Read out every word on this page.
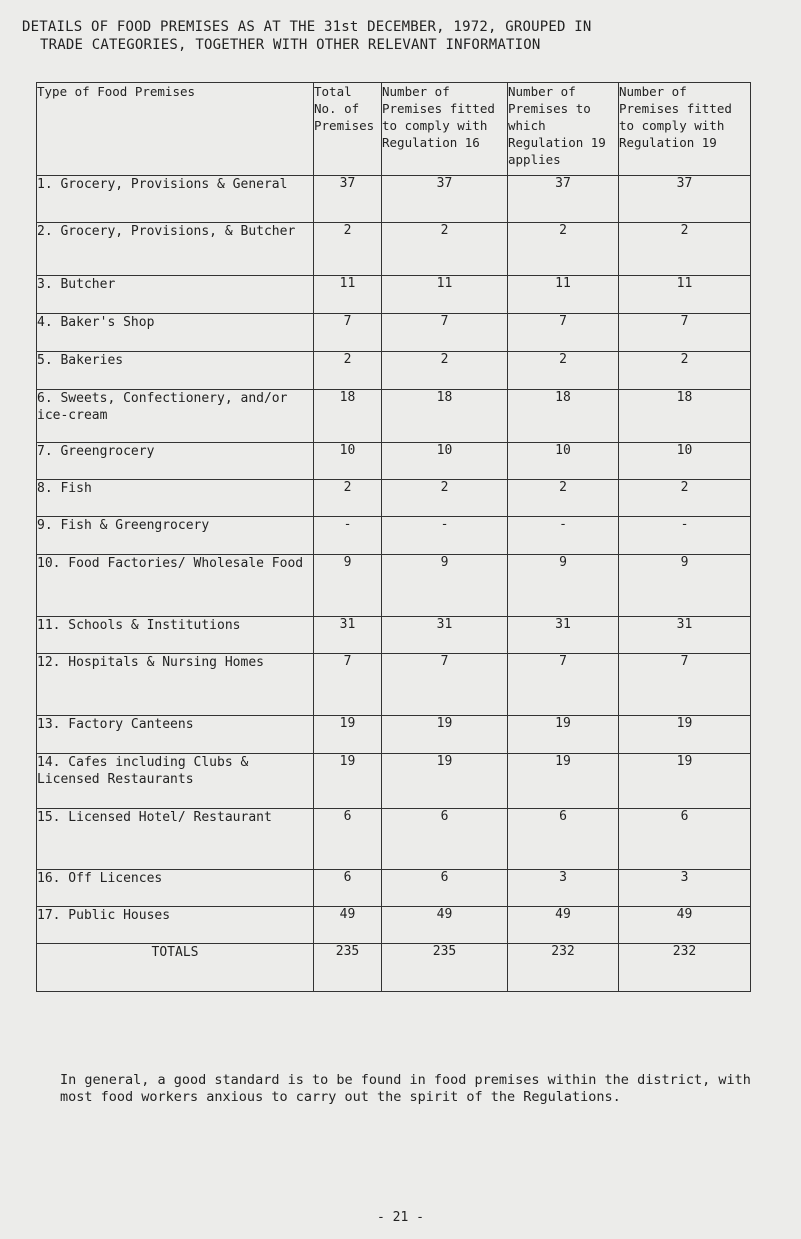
DETAILS OF FOOD PREMISES AS AT THE 31st DECEMBER, 1972, GROUPED IN
TRADE CATEGORIES, TOGETHER WITH OTHER RELEVANT INFORMATION
Type of Food Premises	Total No. of Premises	Number of Premises fitted to comply with Regulation 16	Number of Premises to which Regulation 19 applies	Number of Premises fitted to comply with Regulation 19
1. Grocery, Provisions & General	37	37	37	37
2. Grocery, Provisions, & Butcher	2	2	2	2
3. Butcher	11	11	11	11
4. Baker's Shop	7	7	7	7
5. Bakeries	2	2	2	2
6. Sweets, Confectionery, and/or ice-cream	18	18	18	18
7. Greengrocery	10	10	10	10
8. Fish	2	2	2	2
9. Fish & Greengrocery	-	-	-	-
10. Food Factories/ Wholesale Food	9	9	9	9
11. Schools & Institutions	31	31	31	31
12. Hospitals & Nursing Homes	7	7	7	7
13. Factory Canteens	19	19	19	19
14. Cafes including Clubs & Licensed Restaurants	19	19	19	19
15. Licensed Hotel/ Restaurant	6	6	6	6
16. Off Licences	6	6	3	3
17. Public Houses	49	49	49	49
TOTALS	235	235	232	232

In general, a good standard is to be found in food premises within the district, with most food workers anxious to carry out the spirit of the Regulations.

- 21 -
